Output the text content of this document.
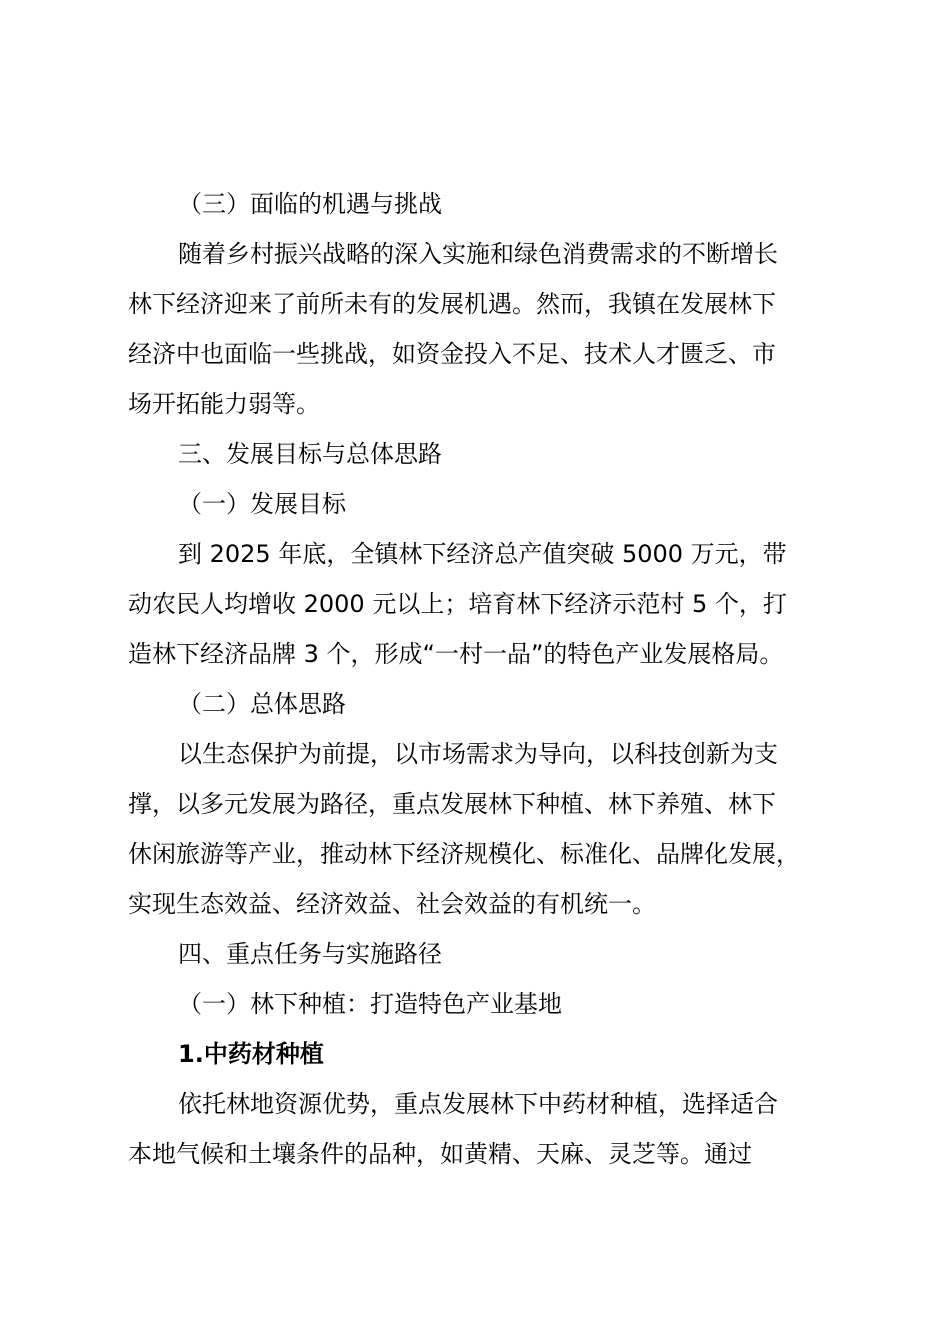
（三）面临的机遇与挑战
随着乡村振兴战略的深入实施和绿色消费需求的不断增长
林下经济迎来了前所未有的发展机遇。然而，我镇在发展林下
经济中也面临一些挑战，如资金投入不足、技术人才匮乏、市
场开拓能力弱等。
三、发展目标与总体思路
（一）发展目标
到 2025 年底，全镇林下经济总产值突破 5000 万元，带
动农民人均增收 2000 元以上；培育林下经济示范村 5 个，打
造林下经济品牌 3 个，形成“一村一品”的特色产业发展格局。
（二）总体思路
以生态保护为前提，以市场需求为导向，以科技创新为支
撑，以多元发展为路径，重点发展林下种植、林下养殖、林下
休闲旅游等产业，推动林下经济规模化、标准化、品牌化发展，
实现生态效益、经济效益、社会效益的有机统一。
四、重点任务与实施路径
（一）林下种植：打造特色产业基地
1.中药材种植
依托林地资源优势，重点发展林下中药材种植，选择适合
本地气候和土壤条件的品种，如黄精、天麻、灵芝等。通过
